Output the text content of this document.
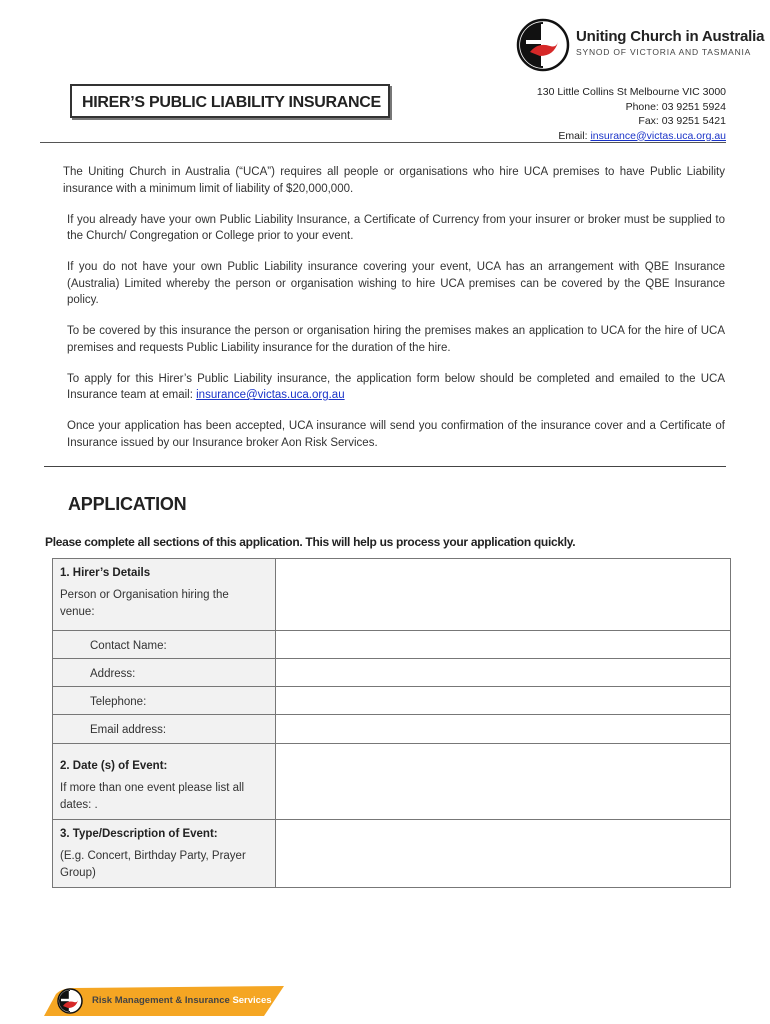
Uniting Church in Australia
SYNOD OF VICTORIA AND TASMANIA
HIRER’S PUBLIC LIABILITY INSURANCE
130 Little Collins St Melbourne VIC 3000
Phone: 03 9251 5924
Fax: 03 9251 5421
Email: insurance@victas.uca.org.au

The Uniting Church in Australia (“UCA”) requires all people or organisations who hire UCA premises to have Public Liability insurance with a minimum limit of liability of $20,000,000.

If you already have your own Public Liability Insurance, a Certificate of Currency from your insurer or broker must be supplied to the Church/ Congregation or College prior to your event.

If you do not have your own Public Liability insurance covering your event, UCA has an arrangement with QBE Insurance (Australia) Limited whereby the person or organisation wishing to hire UCA premises can be covered by the QBE Insurance policy.

To be covered by this insurance the person or organisation hiring the premises makes an application to UCA for the hire of UCA premises and requests Public Liability insurance for the duration of the hire.

To apply for this Hirer’s Public Liability insurance, the application form below should be completed and emailed to the UCA Insurance team at email: insurance@victas.uca.org.au

Once your application has been accepted, UCA insurance will send you confirmation of the insurance cover and a Certificate of Insurance issued by our Insurance broker Aon Risk Services.

APPLICATION
Please complete all sections of this application. This will help us process your application quickly.
1. Hirer’s Details
Person or Organisation hiring the venue:	

Contact Name:	

Address:	

Telephone:	

Email address:	

2. Date (s) of Event:
If more than one event please list all dates: .	

3. Type/Description of Event:
(E.g. Concert, Birthday Party, Prayer Group)	

Risk Management & Insurance Services
